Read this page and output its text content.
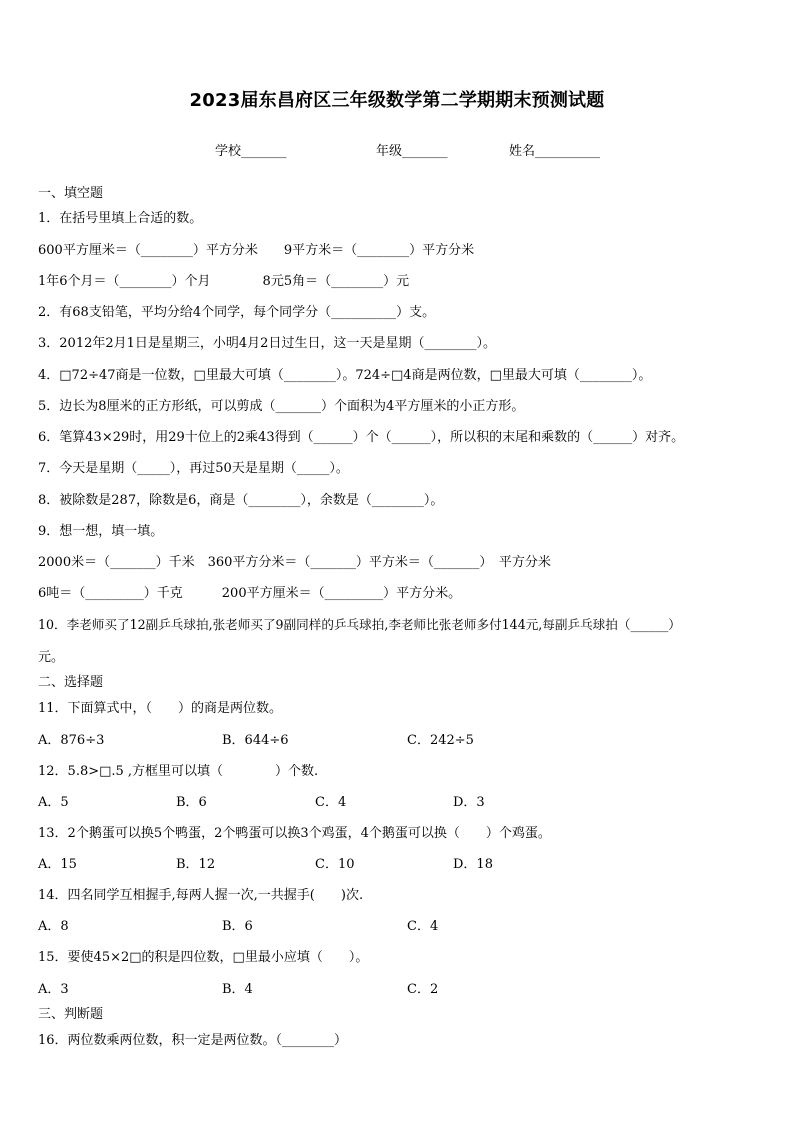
2023届东昌府区三年级数学第二学期期末预测试题
学校_______	年级_______	姓名__________
一、填空题
1．在括号里填上合适的数。
600平方厘米＝（________）平方分米　　9平方米＝（________）平方分米
1年6个月＝（________）个月　　　　8元5角＝（________）元
2．有68支铅笔，平均分给4个同学，每个同学分（__________）支。
3．2012年2月1日是星期三，小明4月2日过生日，这一天是星期（________）。
4．□72÷47商是一位数，□里最大可填（________）。724÷□4商是两位数，□里最大可填（________）。
5．边长为8厘米的正方形纸，可以剪成（_______）个面积为4平方厘米的小正方形。
6．笔算43×29时，用29十位上的2乘43得到（______）个（______），所以积的末尾和乘数的（______）对齐。
7．今天是星期（_____），再过50天是星期（_____）。
8．被除数是287，除数是6，商是（________），余数是（________）。
9．想一想，填一填。
2000米＝（_______）千米　360平方分米＝（_______）平方米＝（_______）　平方分米
6吨＝（_________）千克　　　200平方厘米＝（_________）平方分米。
10．李老师买了12副乒乓球拍,张老师买了9副同样的乒乓球拍,李老师比张老师多付144元,每副乒乓球拍（______）
元。
二、选择题
11．下面算式中，（　　）的商是两位数。
A．876÷3	B．644÷6	C．242÷5
12．5.8>□.5 ,方框里可以填（　　　　）个数.
A．5	B．6	C．4	D．3
13．2个鹅蛋可以换5个鸭蛋，2个鸭蛋可以换3个鸡蛋，4个鹅蛋可以换（　　）个鸡蛋。
A．15	B．12	C．10	D．18
14．四名同学互相握手,每两人握一次,一共握手(　　)次.
A．8	B．6	C．4
15．要使45×2□的积是四位数，□里最小应填（　　）。
A．3	B．4	C．2
三、判断题
16．两位数乘两位数，积一定是两位数。（________）
